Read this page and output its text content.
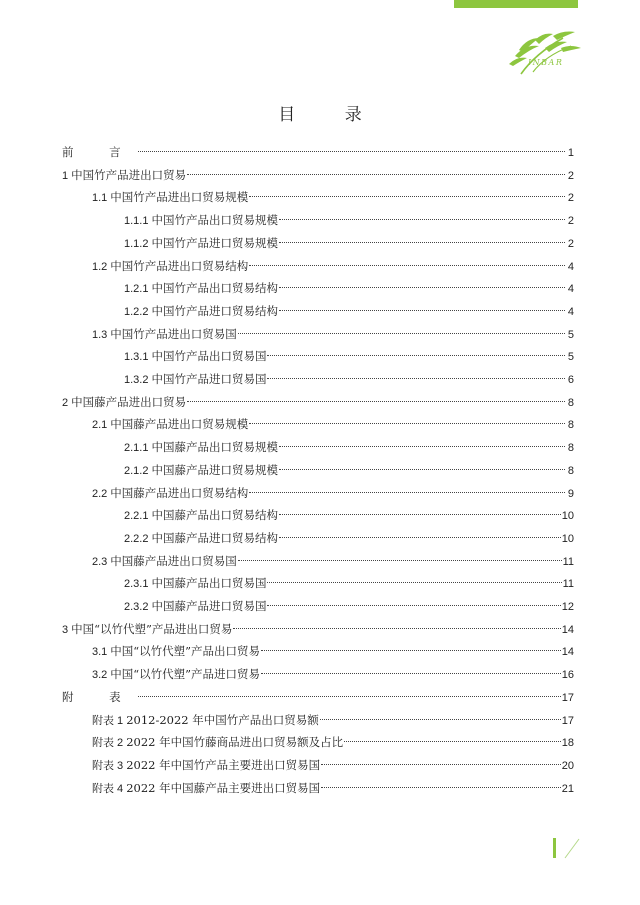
INBAR
目 录
前 言	1
1 中国竹产品进出口贸易	2
1.1 中国竹产品进出口贸易规模	2
1.1.1 中国竹产品出口贸易规模	2
1.1.2 中国竹产品进口贸易规模	2
1.2 中国竹产品进出口贸易结构	4
1.2.1 中国竹产品出口贸易结构	4
1.2.2 中国竹产品进口贸易结构	4
1.3 中国竹产品进出口贸易国	5
1.3.1 中国竹产品出口贸易国	5
1.3.2 中国竹产品进口贸易国	6
2 中国藤产品进出口贸易	8
2.1 中国藤产品进出口贸易规模	8
2.1.1 中国藤产品出口贸易规模	8
2.1.2 中国藤产品进口贸易规模	8
2.2 中国藤产品进出口贸易结构	9
2.2.1 中国藤产品出口贸易结构	10
2.2.2 中国藤产品进口贸易结构	10
2.3 中国藤产品进出口贸易国	11
2.3.1 中国藤产品出口贸易国	11
2.3.2 中国藤产品进口贸易国	12
3 中国“以竹代塑”产品进出口贸易	14
3.1 中国“以竹代塑”产品出口贸易	14
3.2 中国“以竹代塑”产品进口贸易	16
附 表	17
附表 1 2012-2022 年中国竹产品出口贸易额	17
附表 2 2022 年中国竹藤商品进出口贸易额及占比	18
附表 3 2022 年中国竹产品主要进出口贸易国	20
附表 4 2022 年中国藤产品主要进出口贸易国	21
